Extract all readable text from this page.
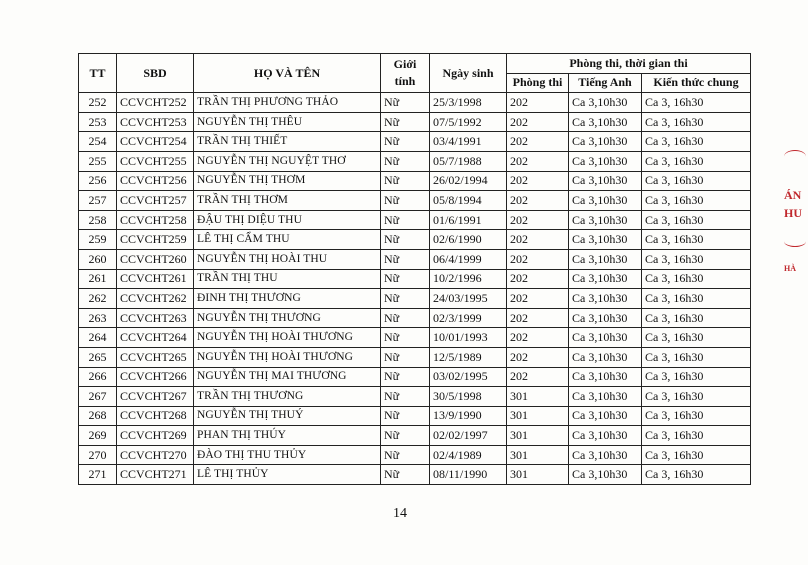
TT	SBD	HỌ VÀ TÊN	Giới tính	Ngày sinh	Phòng thi, thời gian thi		
					Phòng thi	Tiếng Anh	Kiến thức chung
252	CCVCHT252	TRẦN THỊ PHƯƠNG THẢO	Nữ	25/3/1998	202	Ca 3,10h30	Ca 3, 16h30
253	CCVCHT253	NGUYỄN THỊ THÊU	Nữ	07/5/1992	202	Ca 3,10h30	Ca 3, 16h30
254	CCVCHT254	TRẦN THỊ THIẾT	Nữ	03/4/1991	202	Ca 3,10h30	Ca 3, 16h30
255	CCVCHT255	NGUYỄN THỊ NGUYỆT THƠ	Nữ	05/7/1988	202	Ca 3,10h30	Ca 3, 16h30
256	CCVCHT256	NGUYỄN THỊ THƠM	Nữ	26/02/1994	202	Ca 3,10h30	Ca 3, 16h30
257	CCVCHT257	TRẦN THỊ THƠM	Nữ	05/8/1994	202	Ca 3,10h30	Ca 3, 16h30
258	CCVCHT258	ĐẬU THỊ DIỆU THU	Nữ	01/6/1991	202	Ca 3,10h30	Ca 3, 16h30
259	CCVCHT259	LÊ THỊ CẨM THU	Nữ	02/6/1990	202	Ca 3,10h30	Ca 3, 16h30
260	CCVCHT260	NGUYỄN THỊ HOÀI THU	Nữ	06/4/1999	202	Ca 3,10h30	Ca 3, 16h30
261	CCVCHT261	TRẦN THỊ THU	Nữ	10/2/1996	202	Ca 3,10h30	Ca 3, 16h30
262	CCVCHT262	ĐINH THỊ THƯƠNG	Nữ	24/03/1995	202	Ca 3,10h30	Ca 3, 16h30
263	CCVCHT263	NGUYỄN THỊ THƯƠNG	Nữ	02/3/1999	202	Ca 3,10h30	Ca 3, 16h30
264	CCVCHT264	NGUYỄN THỊ HOÀI THƯƠNG	Nữ	10/01/1993	202	Ca 3,10h30	Ca 3, 16h30
265	CCVCHT265	NGUYỄN THỊ HOÀI THƯƠNG	Nữ	12/5/1989	202	Ca 3,10h30	Ca 3, 16h30
266	CCVCHT266	NGUYỄN THỊ MAI THƯƠNG	Nữ	03/02/1995	202	Ca 3,10h30	Ca 3, 16h30
267	CCVCHT267	TRẦN THỊ THƯƠNG	Nữ	30/5/1998	301	Ca 3,10h30	Ca 3, 16h30
268	CCVCHT268	NGUYỄN THỊ THUÝ	Nữ	13/9/1990	301	Ca 3,10h30	Ca 3, 16h30
269	CCVCHT269	PHAN THỊ THÚY	Nữ	02/02/1997	301	Ca 3,10h30	Ca 3, 16h30
270	CCVCHT270	ĐÀO THỊ THU THỦY	Nữ	02/4/1989	301	Ca 3,10h30	Ca 3, 16h30
271	CCVCHT271	LÊ THỊ THỦY	Nữ	08/11/1990	301	Ca 3,10h30	Ca 3, 16h30
14
ÁN
HU
HÀ
